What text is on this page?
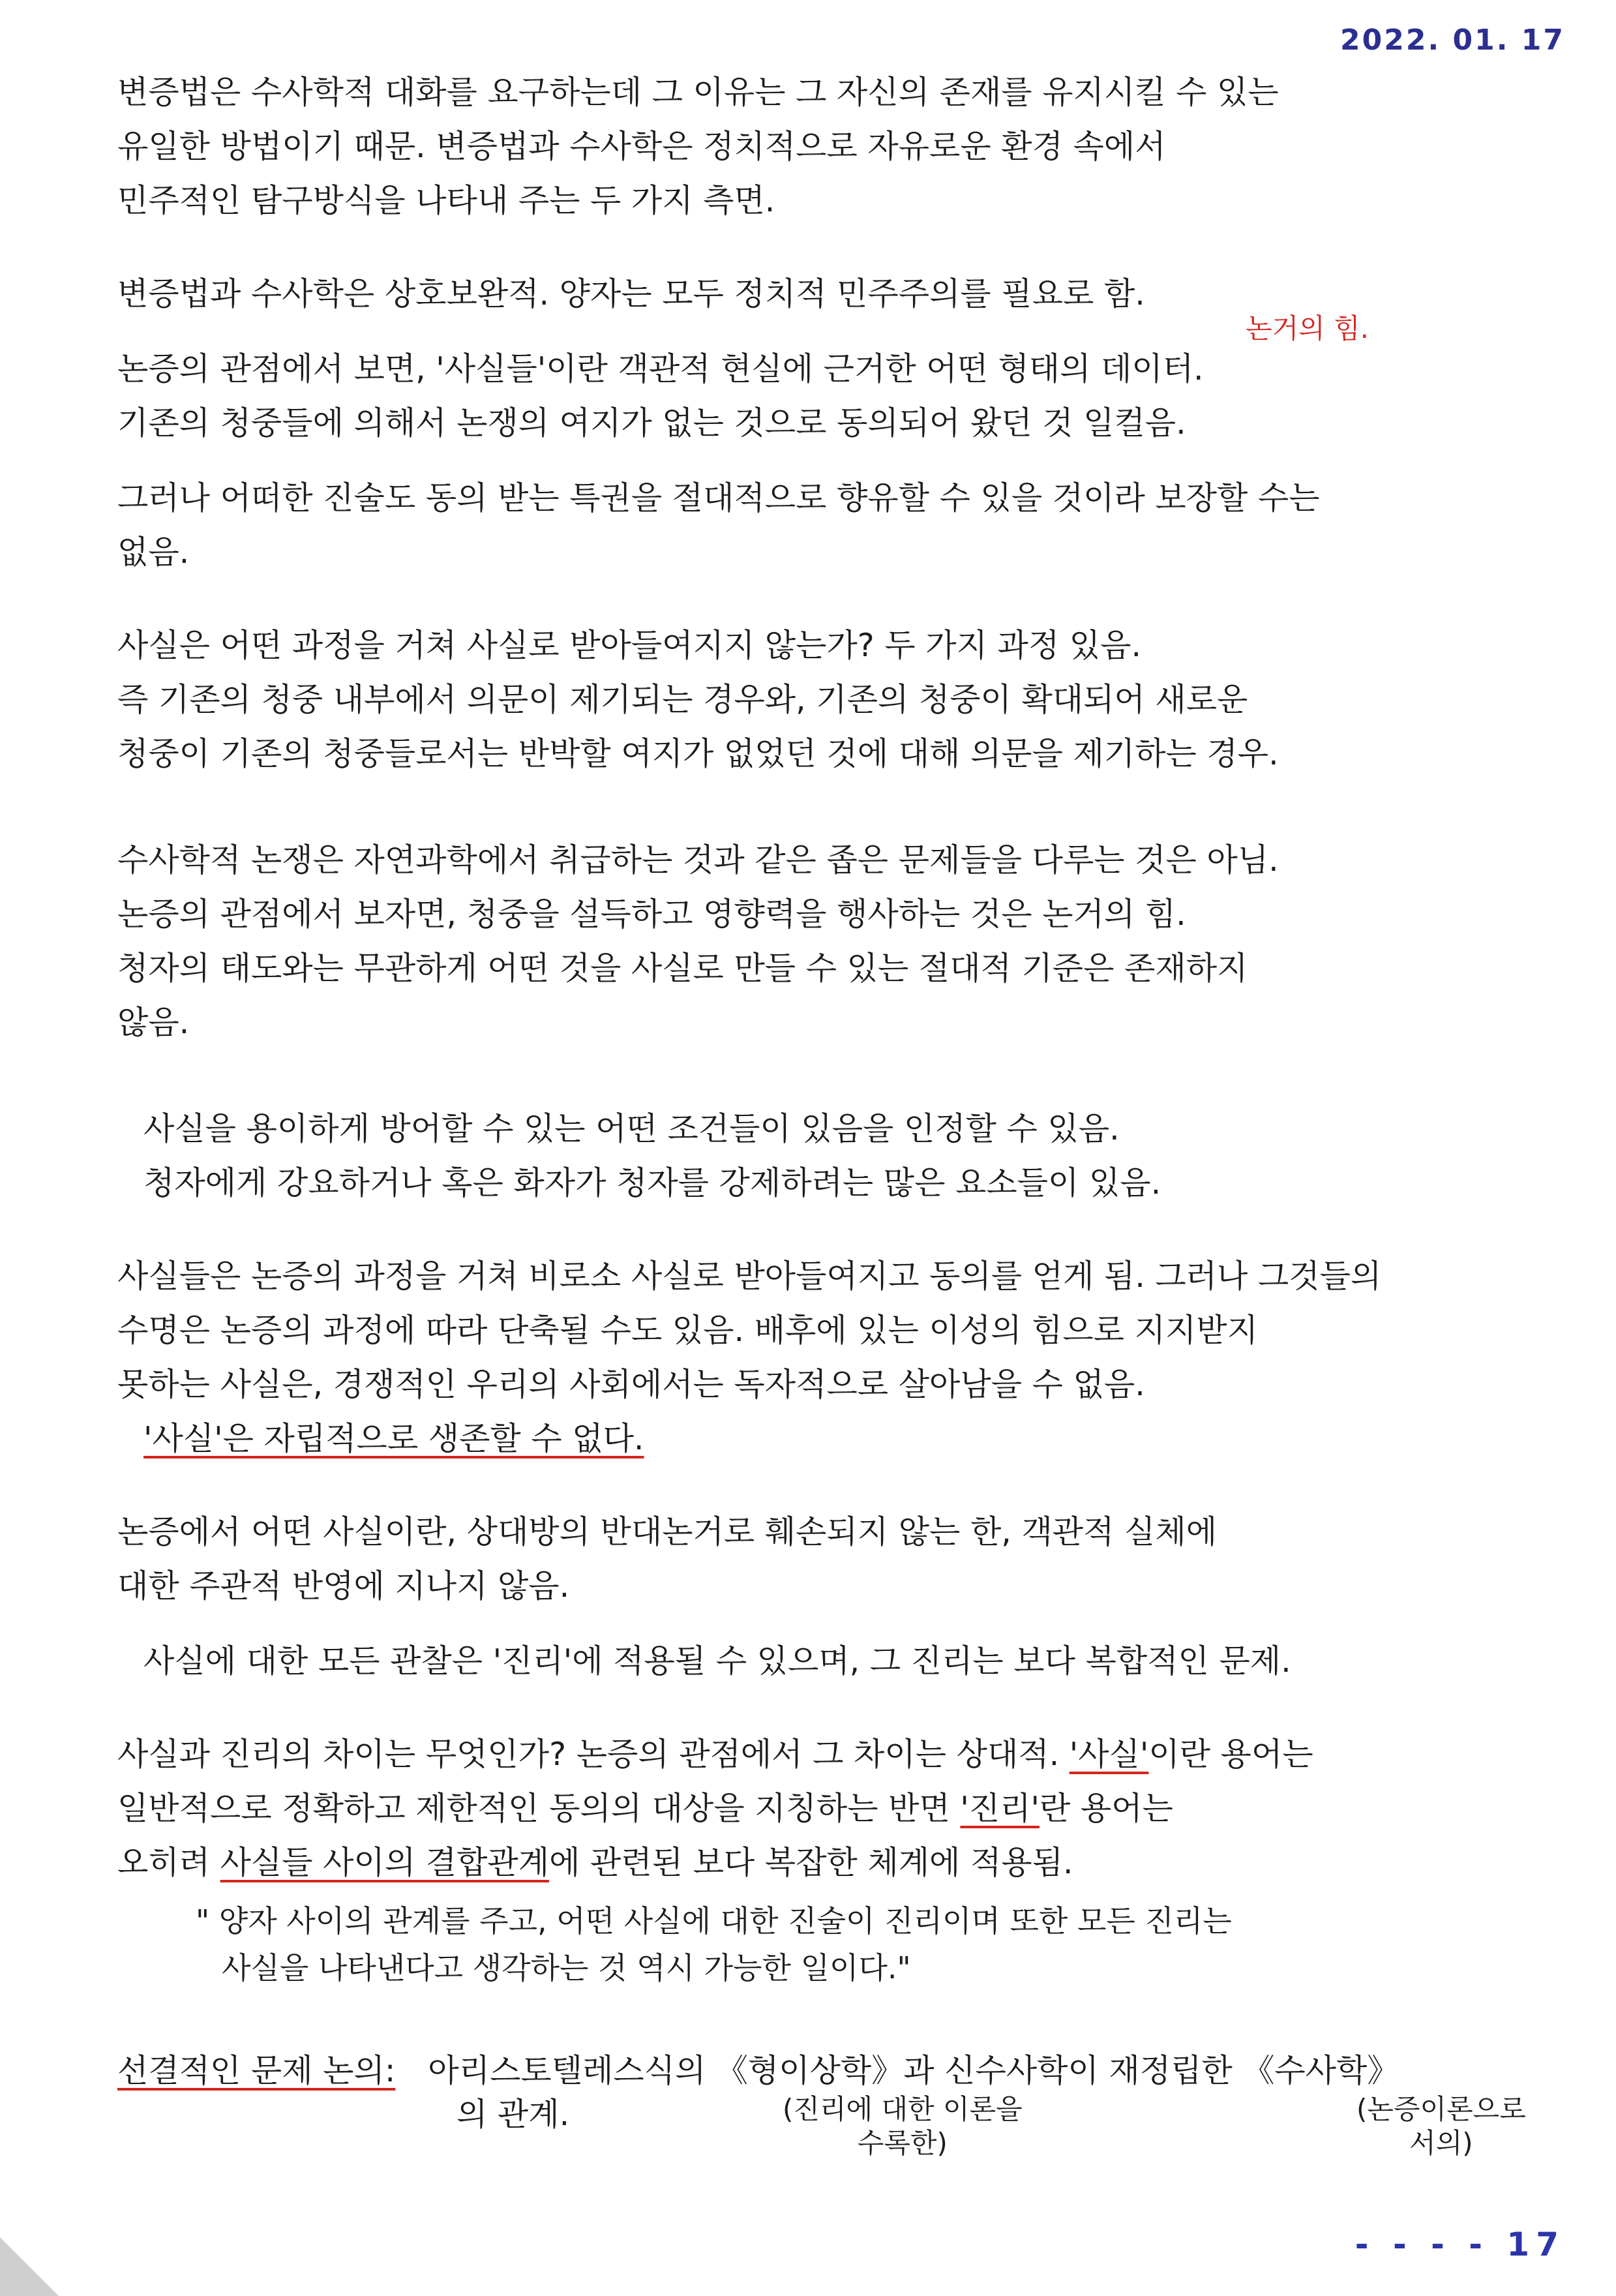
2022. 01. 17
변증법은 수사학적 대화를 요구하는데 그 이유는 그 자신의 존재를 유지시킬 수 있는
유일한 방법이기 때문. 변증법과 수사학은 정치적으로 자유로운 환경 속에서
민주적인 탐구방식을 나타내 주는 두 가지 측면.
변증법과 수사학은 상호보완적. 양자는 모두 정치적 민주주의를 필요로 함.
논거의 힘.
논증의 관점에서 보면, '사실들'이란 객관적 현실에 근거한 어떤 형태의 데이터.
기존의 청중들에 의해서 논쟁의 여지가 없는 것으로 동의되어 왔던 것 일컬음.
그러나 어떠한 진술도 동의 받는 특권을 절대적으로 향유할 수 있을 것이라 보장할 수는
없음.
사실은 어떤 과정을 거쳐 사실로 받아들여지지 않는가? 두 가지 과정 있음.
즉 기존의 청중 내부에서 의문이 제기되는 경우와, 기존의 청중이 확대되어 새로운
청중이 기존의 청중들로서는 반박할 여지가 없었던 것에 대해 의문을 제기하는 경우.
수사학적 논쟁은 자연과학에서 취급하는 것과 같은 좁은 문제들을 다루는 것은 아님.
논증의 관점에서 보자면, 청중을 설득하고 영향력을 행사하는 것은 논거의 힘.
청자의 태도와는 무관하게 어떤 것을 사실로 만들 수 있는 절대적 기준은 존재하지
않음.
사실을 용이하게 방어할 수 있는 어떤 조건들이 있음을 인정할 수 있음.
청자에게 강요하거나 혹은 화자가 청자를 강제하려는 많은 요소들이 있음.
사실들은 논증의 과정을 거쳐 비로소 사실로 받아들여지고 동의를 얻게 됨. 그러나 그것들의
수명은 논증의 과정에 따라 단축될 수도 있음. 배후에 있는 이성의 힘으로 지지받지
못하는 사실은, 경쟁적인 우리의 사회에서는 독자적으로 살아남을 수 없음.
'사실'은 자립적으로 생존할 수 없다.
논증에서 어떤 사실이란, 상대방의 반대논거로 훼손되지 않는 한, 객관적 실체에
대한 주관적 반영에 지나지 않음.
사실에 대한 모든 관찰은 '진리'에 적용될 수 있으며, 그 진리는 보다 복합적인 문제.
사실과 진리의 차이는 무엇인가? 논증의 관점에서 그 차이는 상대적. '사실'이란 용어는
일반적으로 정확하고 제한적인 동의의 대상을 지칭하는 반면 '진리'란 용어는
오히려 사실들 사이의 결합관계에 관련된 보다 복잡한 체계에 적용됨.
" 양자 사이의 관계를 주고, 어떤 사실에 대한 진술이 진리이며 또한 모든 진리는
사실을 나타낸다고 생각하는 것 역시 가능한 일이다."
선결적인 문제 논의: 아리스토텔레스식의 《형이상학》과 신수사학이 재정립한 《수사학》
의 관계.	(진리에 대한 이론을
수록한)
(논증이론으로
서의)
- - - - 17
